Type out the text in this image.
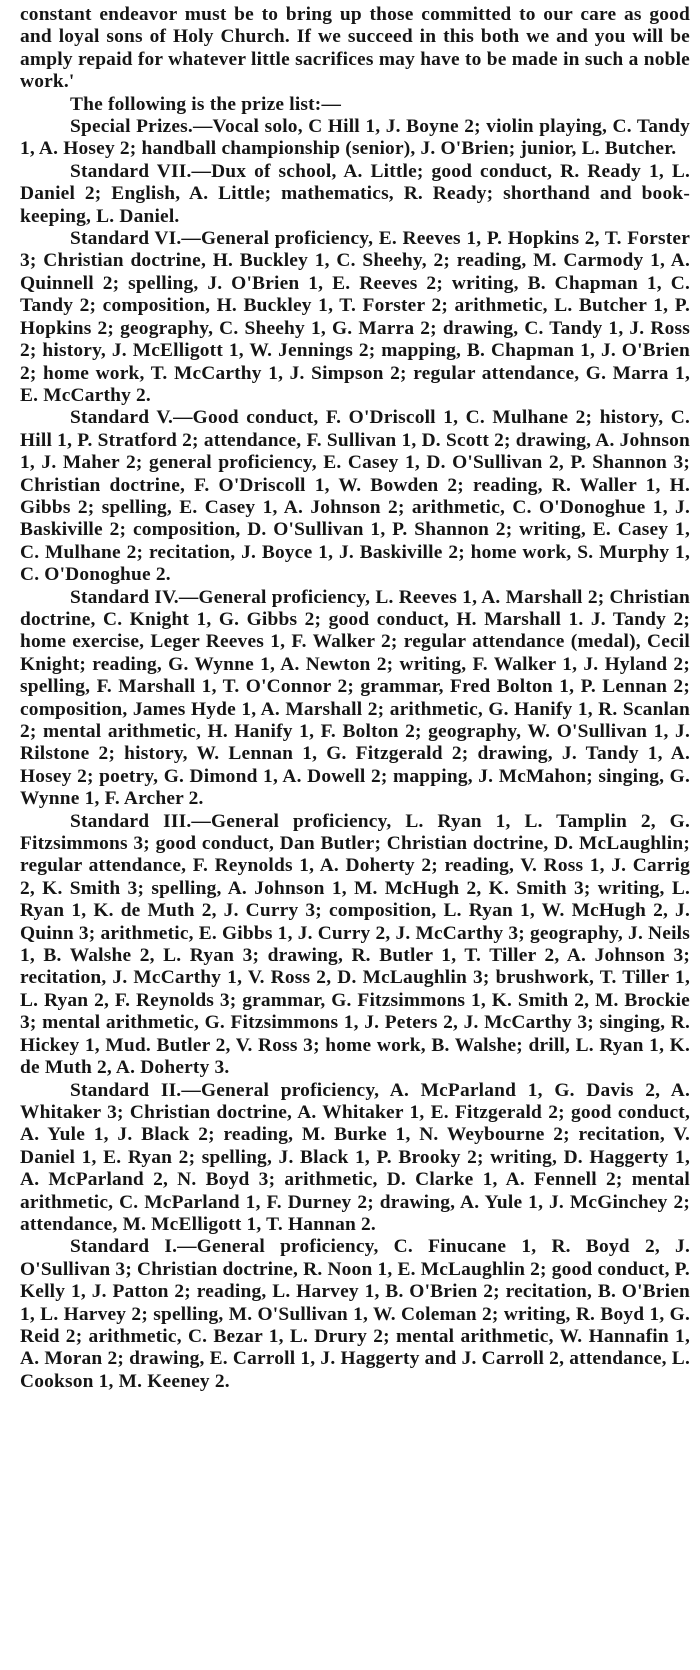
constant endeavor must be to bring up those committed to our care as good and loyal sons of Holy Church. If we succeed in this both we and you will be amply repaid for whatever little sacrifices may have to be made in such a noble work.'

The following is the prize list:—

Special Prizes.—Vocal solo, C Hill 1, J. Boyne 2; violin playing, C. Tandy 1, A. Hosey 2; handball championship (senior), J. O'Brien; junior, L. Butcher.

Standard VII.—Dux of school, A. Little; good conduct, R. Ready 1, L. Daniel 2; English, A. Little; mathematics, R. Ready; shorthand and book-keeping, L. Daniel.

Standard VI.—General proficiency, E. Reeves 1, P. Hopkins 2, T. Forster 3; Christian doctrine, H. Buckley 1, C. Sheehy, 2; reading, M. Carmody 1, A. Quinnell 2; spelling, J. O'Brien 1, E. Reeves 2; writing, B. Chapman 1, C. Tandy 2; composition, H. Buckley 1, T. Forster 2; arithmetic, L. Butcher 1, P. Hopkins 2; geography, C. Sheehy 1, G. Marra 2; drawing, C. Tandy 1, J. Ross 2; history, J. McElligott 1, W. Jennings 2; mapping, B. Chapman 1, J. O'Brien 2; home work, T. McCarthy 1, J. Simpson 2; regular attendance, G. Marra 1, E. McCarthy 2.

Standard V.—Good conduct, F. O'Driscoll 1, C. Mulhane 2; history, C. Hill 1, P. Stratford 2; attendance, F. Sullivan 1, D. Scott 2; drawing, A. Johnson 1, J. Maher 2; general proficiency, E. Casey 1, D. O'Sullivan 2, P. Shannon 3; Christian doctrine, F. O'Driscoll 1, W. Bowden 2; reading, R. Waller 1, H. Gibbs 2; spelling, E. Casey 1, A. Johnson 2; arithmetic, C. O'Donoghue 1, J. Baskiville 2; composition, D. O'Sullivan 1, P. Shannon 2; writing, E. Casey 1, C. Mulhane 2; recitation, J. Boyce 1, J. Baskiville 2; home work, S. Murphy 1, C. O'Donoghue 2.

Standard IV.—General proficiency, L. Reeves 1, A. Marshall 2; Christian doctrine, C. Knight 1, G. Gibbs 2; good conduct, H. Marshall 1. J. Tandy 2; home exercise, Leger Reeves 1, F. Walker 2; regular attendance (medal), Cecil Knight; reading, G. Wynne 1, A. Newton 2; writing, F. Walker 1, J. Hyland 2; spelling, F. Marshall 1, T. O'Connor 2; grammar, Fred Bolton 1, P. Lennan 2; composition, James Hyde 1, A. Marshall 2; arithmetic, G. Hanify 1, R. Scanlan 2; mental arithmetic, H. Hanify 1, F. Bolton 2; geography, W. O'Sullivan 1, J. Rilstone 2; history, W. Lennan 1, G. Fitzgerald 2; drawing, J. Tandy 1, A. Hosey 2; poetry, G. Dimond 1, A. Dowell 2; mapping, J. McMahon; singing, G. Wynne 1, F. Archer 2.

Standard III.—General proficiency, L. Ryan 1, L. Tamplin 2, G. Fitzsimmons 3; good conduct, Dan Butler; Christian doctrine, D. McLaughlin; regular attendance, F. Reynolds 1, A. Doherty 2; reading, V. Ross 1, J. Carrig 2, K. Smith 3; spelling, A. Johnson 1, M. McHugh 2, K. Smith 3; writing, L. Ryan 1, K. de Muth 2, J. Curry 3; composition, L. Ryan 1, W. McHugh 2, J. Quinn 3; arithmetic, E. Gibbs 1, J. Curry 2, J. McCarthy 3; geography, J. Neils 1, B. Walshe 2, L. Ryan 3; drawing, R. Butler 1, T. Tiller 2, A. Johnson 3; recitation, J. McCarthy 1, V. Ross 2, D. McLaughlin 3; brushwork, T. Tiller 1, L. Ryan 2, F. Reynolds 3; grammar, G. Fitzsimmons 1, K. Smith 2, M. Brockie 3; mental arithmetic, G. Fitzsimmons 1, J. Peters 2, J. McCarthy 3; singing, R. Hickey 1, Mud. Butler 2, V. Ross 3; home work, B. Walshe; drill, L. Ryan 1, K. de Muth 2, A. Doherty 3.

Standard II.—General proficiency, A. McParland 1, G. Davis 2, A. Whitaker 3; Christian doctrine, A. Whitaker 1, E. Fitzgerald 2; good conduct, A. Yule 1, J. Black 2; reading, M. Burke 1, N. Weybourne 2; recitation, V. Daniel 1, E. Ryan 2; spelling, J. Black 1, P. Brooky 2; writing, D. Haggerty 1, A. McParland 2, N. Boyd 3; arithmetic, D. Clarke 1, A. Fennell 2; mental arithmetic, C. McParland 1, F. Durney 2; drawing, A. Yule 1, J. McGinchey 2; attendance, M. McElligott 1, T. Hannan 2.

Standard I.—General proficiency, C. Finucane 1, R. Boyd 2, J. O'Sullivan 3; Christian doctrine, R. Noon 1, E. McLaughlin 2; good conduct, P. Kelly 1, J. Patton 2; reading, L. Harvey 1, B. O'Brien 2; recitation, B. O'Brien 1, L. Harvey 2; spelling, M. O'Sullivan 1, W. Coleman 2; writing, R. Boyd 1, G. Reid 2; arithmetic, C. Bezar 1, L. Drury 2; mental arithmetic, W. Hannafin 1, A. Moran 2; drawing, E. Carroll 1, J. Haggerty and J. Carroll 2, attendance, L. Cookson 1, M. Keeney 2.
